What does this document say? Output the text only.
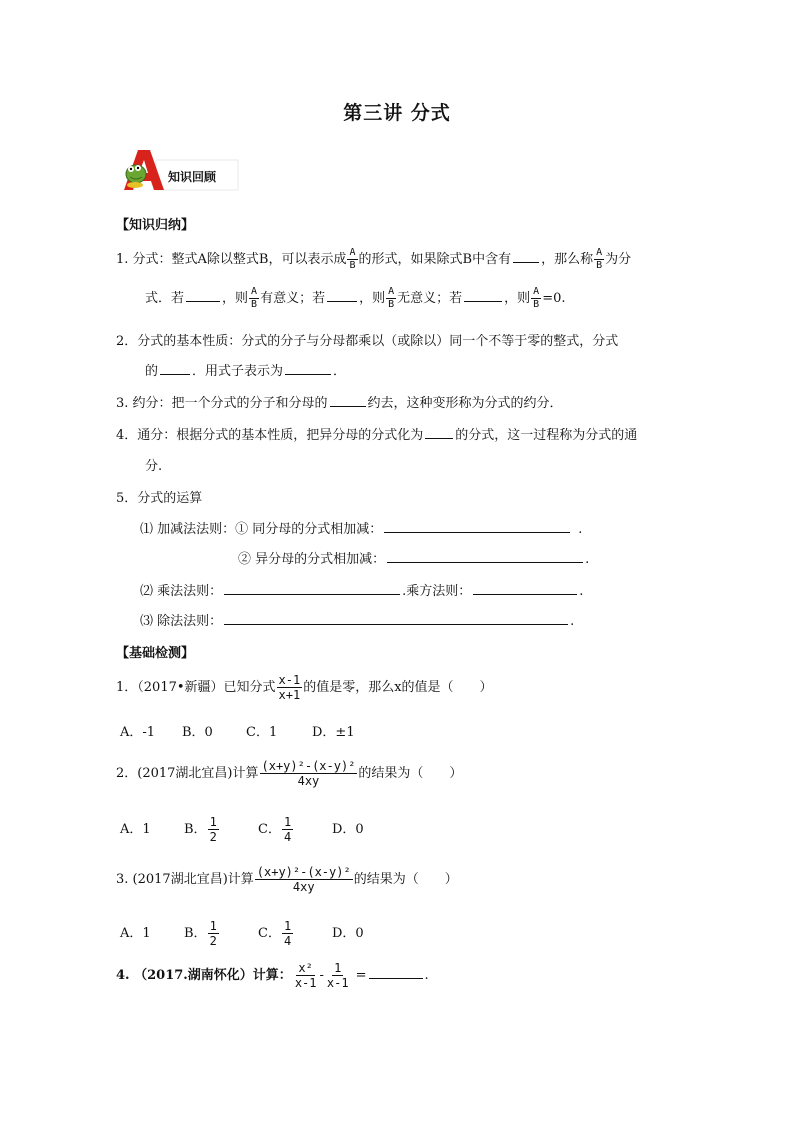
第三讲 分式
知识回顾
【知识归纳】
1. 分式：整式A除以整式B，可以表示成 $\frac{A}{B}$ 的形式，如果除式B中含有 ，那么称 $\frac{A}{B}$ 为分
式．若	，则 $\frac{A}{B}$ 有意义；若	，则 $\frac{A}{B}$ 无意义；若	，则 $\frac{A}{B} =0$.
2．分式的基本性质：分式的分子与分母都乘以（或除以）同一个不等于零的整式，分式
的	．用式子表示为	．
3. 约分：把一个分式的分子和分母的	约去，这种变形称为分式的约分．
4．通分：根据分式的基本性质，把异分母的分式化为 的分式，这一过程称为分式的通
分.
5．分式的运算
⑴ 加减法法则：① 同分母的分式相加减：	.
② 异分母的分式相加减：	.
⑵ 乘法法则：	.乘方法则：	.
⑶ 除法法则：	.
【基础检测】
1．（2017•新疆）已知分式 $\frac{x-1}{x+1}$ 的值是零，那么x的值是（　　）
A．-1 B．0	C．1	D．±1
2．(2017湖北宜昌)计算 $\frac{\text{(x+y)²-(x-y)²}}{4xy}$ 的结果为（　　）
A．1	B． $\frac{1}{2}$	C． $\frac{1}{4}$	D．0
3. (2017湖北宜昌)计算 $\frac{\text{(x+y)²-(x-y)²}}{4xy}$ 的结果为（　　）
A．1	B． $\frac{1}{2}$	C． $\frac{1}{4}$	D．0
4. （2017.湖南怀化）计算： $\frac{\text{x²}}{x-1} - \frac{1}{x-1}$ =	.
